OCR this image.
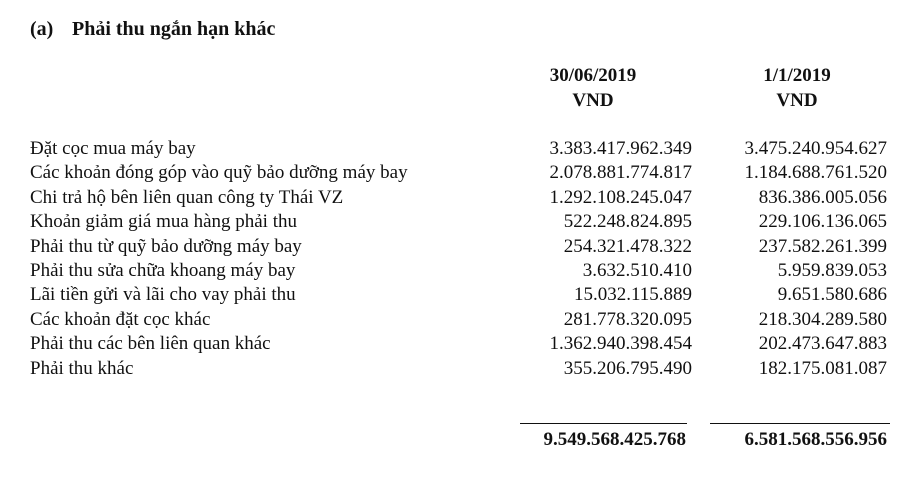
(a) Phải thu ngắn hạn khác
30/06/2019
VND
1/1/2019
VND
Đặt cọc mua máy bay	3.383.417.962.349	3.475.240.954.627
Các khoản đóng góp vào quỹ bảo dưỡng máy bay	2.078.881.774.817	1.184.688.761.520
Chi trả hộ bên liên quan công ty Thái VZ	1.292.108.245.047	836.386.005.056
Khoản giảm giá mua hàng phải thu	522.248.824.895	229.106.136.065
Phải thu từ quỹ bảo dưỡng máy bay	254.321.478.322	237.582.261.399
Phải thu sửa chữa khoang máy bay	3.632.510.410	5.959.839.053
Lãi tiền gửi và lãi cho vay phải thu	15.032.115.889	9.651.580.686
Các khoản đặt cọc khác	281.778.320.095	218.304.289.580
Phải thu các bên liên quan khác	1.362.940.398.454	202.473.647.883
Phải thu khác	355.206.795.490	182.175.081.087
9.549.568.425.768	6.581.568.556.956
